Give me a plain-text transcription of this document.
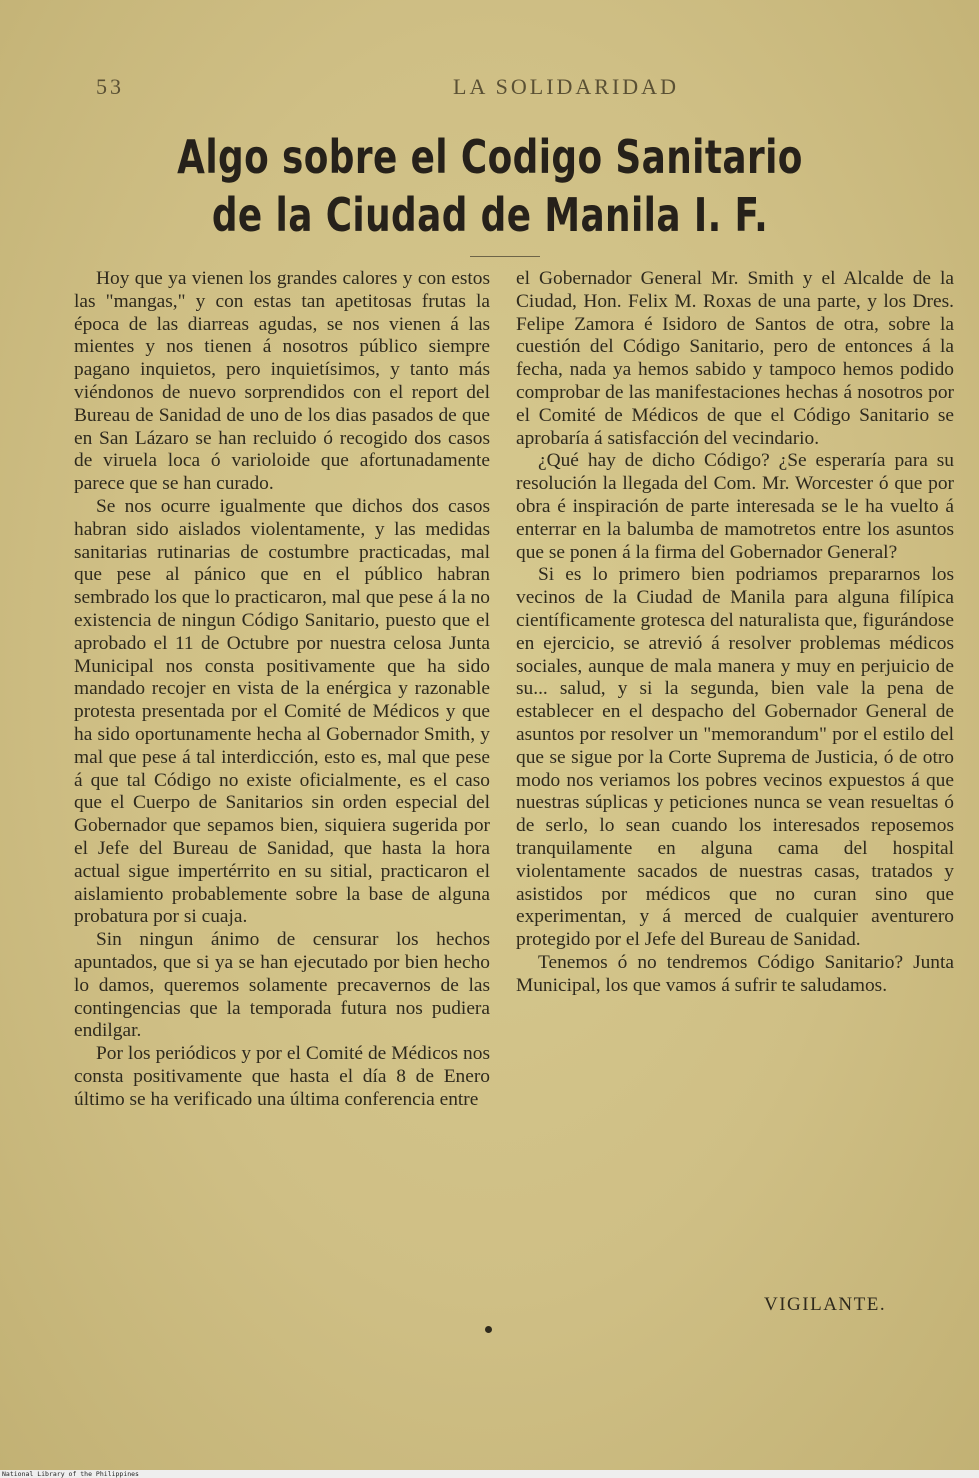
53	LA SOLIDARIDAD
Algo sobre el Codigo Sanitario de la Ciudad de Manila I. F.

Hoy que ya vienen los grandes calores y con estos las "mangas," y con estas tan apetitosas frutas la época de las diarreas agudas, se nos vienen á las mientes y nos tienen á nosotros público siempre pagano inquietos, pero inquietísimos, y tanto más viéndonos de nuevo sorprendidos con el report del Bureau de Sanidad de uno de los dias pasados de que en San Lázaro se han recluido ó recogido dos casos de viruela loca ó varioloide que afortunadamente parece que se han curado.

Se nos ocurre igualmente que dichos dos casos habran sido aislados violentamente, y las medidas sanitarias rutinarias de costumbre practicadas, mal que pese al pánico que en el público habran sembrado los que lo practicaron, mal que pese á la no existencia de ningun Código Sanitario, puesto que el aprobado el 11 de Octubre por nuestra celosa Junta Municipal nos consta positivamente que ha sido mandado recojer en vista de la enérgica y razonable protesta presentada por el Comité de Médicos y que ha sido oportunamente hecha al Gobernador Smith, y mal que pese á tal interdicción, esto es, mal que pese á que tal Código no existe oficialmente, es el caso que el Cuerpo de Sanitarios sin orden especial del Gobernador que sepamos bien, siquiera sugerida por el Jefe del Bureau de Sanidad, que hasta la hora actual sigue impertérrito en su sitial, practicaron el aislamiento probablemente sobre la base de alguna probatura por si cuaja.

Sin ningun ánimo de censurar los hechos apuntados, que si ya se han ejecutado por bien hecho lo damos, queremos solamente precavernos de las contingencias que la temporada futura nos pudiera endilgar.

Por los periódicos y por el Comité de Médicos nos consta positivamente que hasta el día 8 de Enero último se ha verificado una última conferencia entre

el Gobernador General Mr. Smith y el Alcalde de la Ciudad, Hon. Felix M. Roxas de una parte, y los Dres. Felipe Zamora é Isidoro de Santos de otra, sobre la cuestión del Código Sanitario, pero de entonces á la fecha, nada ya hemos sabido y tampoco hemos podido comprobar de las manifestaciones hechas á nosotros por el Comité de Médicos de que el Código Sanitario se aprobaría á satisfacción del vecindario.

¿Qué hay de dicho Código? ¿Se esperaría para su resolución la llegada del Com. Mr. Worcester ó que por obra é inspiración de parte interesada se le ha vuelto á enterrar en la balumba de mamotretos entre los asuntos que se ponen á la firma del Gobernador General?

Si es lo primero bien podriamos prepararnos los vecinos de la Ciudad de Manila para alguna filípica científicamente grotesca del naturalista que, figurándose en ejercicio, se atrevió á resolver problemas médicos sociales, aunque de mala manera y muy en perjuicio de su... salud, y si la segunda, bien vale la pena de establecer en el despacho del Gobernador General de asuntos por resolver un "memorandum" por el estilo del que se sigue por la Corte Suprema de Justicia, ó de otro modo nos veriamos los pobres vecinos expuestos á que nuestras súplicas y peticiones nunca se vean resueltas ó de serlo, lo sean cuando los interesados reposemos tranquilamente en alguna cama del hospital violentamente sacados de nuestras casas, tratados y asistidos por médicos que no curan sino que experimentan, y á merced de cualquier aventurero protegido por el Jefe del Bureau de Sanidad.

Tenemos ó no tendremos Código Sanitario? Junta Municipal, los que vamos á sufrir te saludamos.

VIGILANTE.
National Library of the Philippines
